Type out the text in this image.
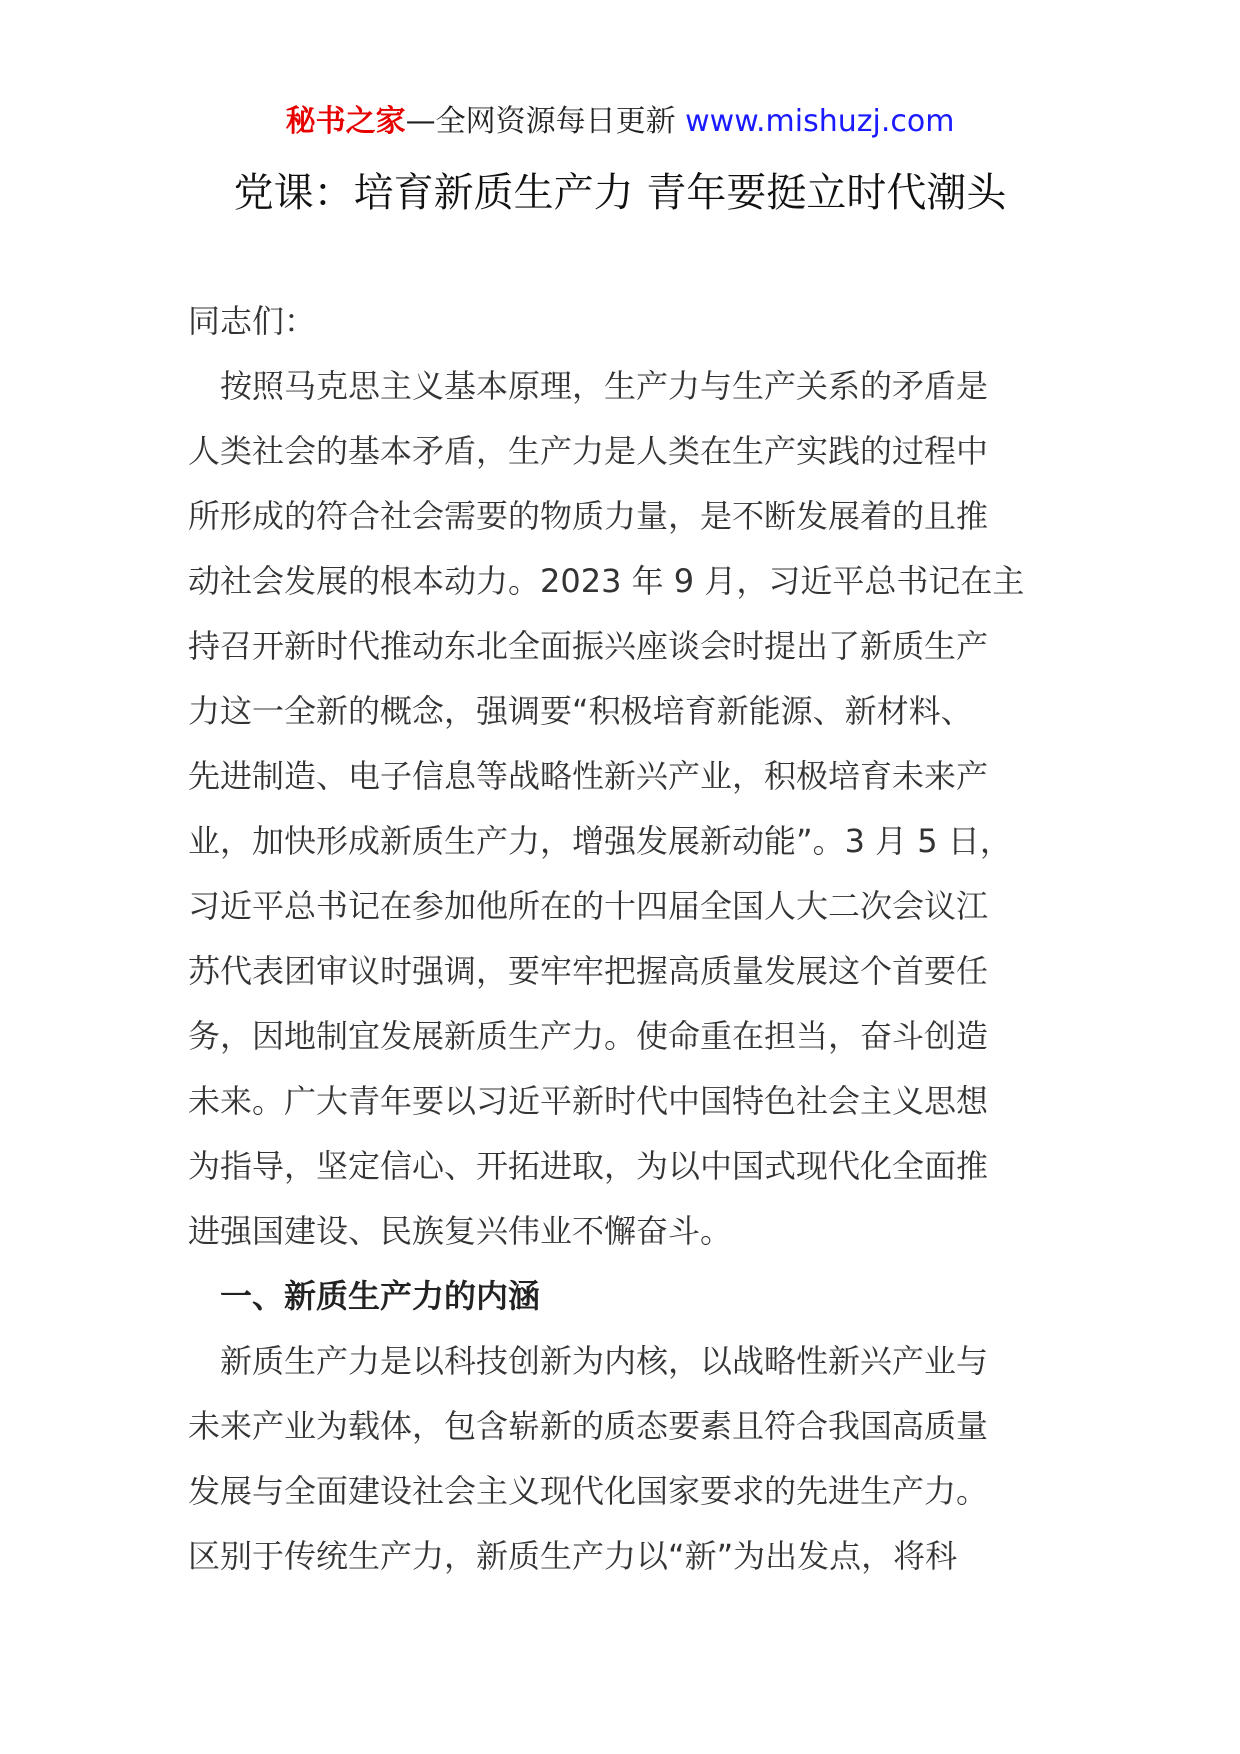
秘书之家—全网资源每日更新 www.mishuzj.com
党课：培育新质生产力 青年要挺立时代潮头
同志们：
　按照马克思主义基本原理，生产力与生产关系的矛盾是
人类社会的基本矛盾，生产力是人类在生产实践的过程中
所形成的符合社会需要的物质力量，是不断发展着的且推
动社会发展的根本动力。2023 年 9 月，习近平总书记在主
持召开新时代推动东北全面振兴座谈会时提出了新质生产
力这一全新的概念，强调要“积极培育新能源、新材料、
先进制造、电子信息等战略性新兴产业，积极培育未来产
业，加快形成新质生产力，增强发展新动能”。3 月 5 日，
习近平总书记在参加他所在的十四届全国人大二次会议江
苏代表团审议时强调，要牢牢把握高质量发展这个首要任
务，因地制宜发展新质生产力。使命重在担当，奋斗创造
未来。广大青年要以习近平新时代中国特色社会主义思想
为指导，坚定信心、开拓进取，为以中国式现代化全面推
进强国建设、民族复兴伟业不懈奋斗。
　一、新质生产力的内涵
　新质生产力是以科技创新为内核，以战略性新兴产业与
未来产业为载体，包含崭新的质态要素且符合我国高质量
发展与全面建设社会主义现代化国家要求的先进生产力。
区别于传统生产力，新质生产力以“新”为出发点，将科
